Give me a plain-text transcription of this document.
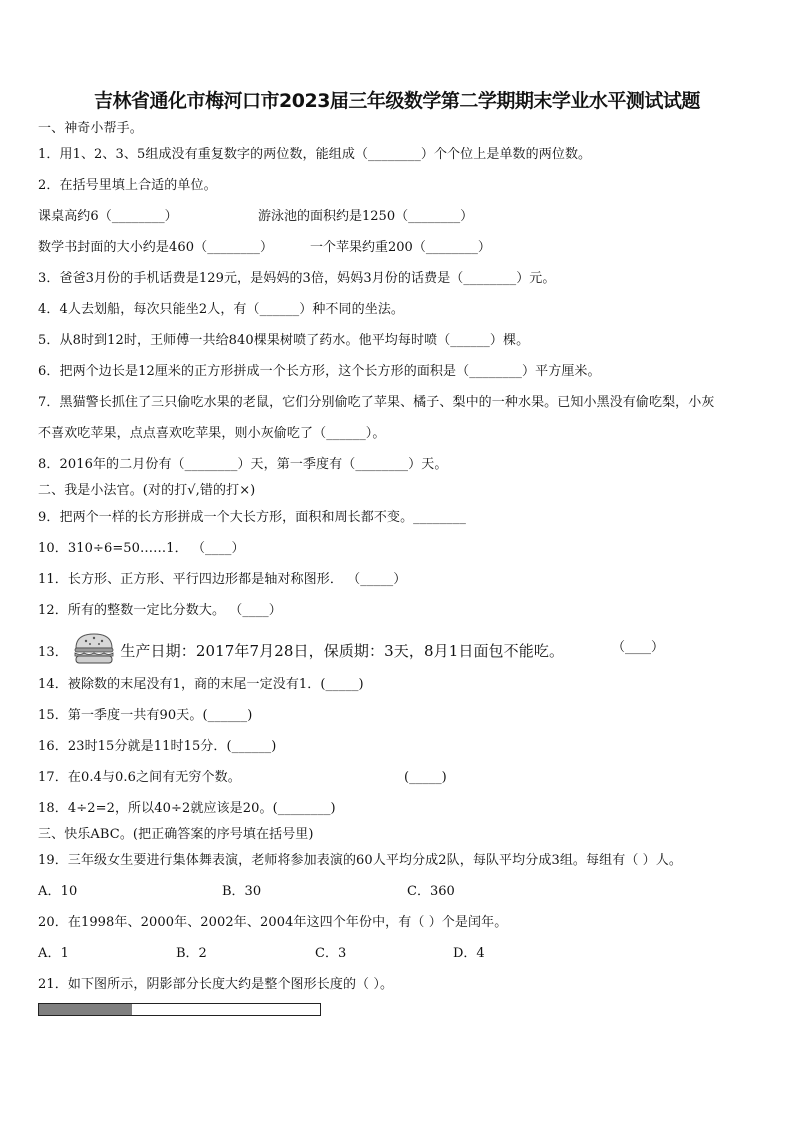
吉林省通化市梅河口市2023届三年级数学第二学期期末学业水平测试试题
一、神奇小帮手。
1．用1、2、3、5组成没有重复数字的两位数，能组成（________）个个位上是单数的两位数。
2．在括号里填上合适的单位。
课桌高约6（________）	游泳池的面积约是1250（________）
数学书封面的大小约是460（________）	一个苹果约重200（________）
3．爸爸3月份的手机话费是129元，是妈妈的3倍，妈妈3月份的话费是（________）元。
4．4人去划船，每次只能坐2人，有（______）种不同的坐法。
5．从8时到12时，王师傅一共给840棵果树喷了药水。他平均每时喷（______）棵。
6．把两个边长是12厘米的正方形拼成一个长方形，这个长方形的面积是（________）平方厘米。
7．黑猫警长抓住了三只偷吃水果的老鼠，它们分别偷吃了苹果、橘子、梨中的一种水果。已知小黑没有偷吃梨，小灰
不喜欢吃苹果，点点喜欢吃苹果，则小灰偷吃了（______）。
8．2016年的二月份有（________）天，第一季度有（________）天。
二、我是小法官。(对的打√,错的打×)
9．把两个一样的长方形拼成一个大长方形，面积和周长都不变。________
10．310÷6=50……1． （____）
11．长方形、正方形、平行四边形都是轴对称图形． （_____）
12．所有的整数一定比分数大。 （____）
13．	生产日期：2017年7月28日，保质期：3天，8月1日面包不能吃。	（____）
14．被除数的末尾没有1，商的末尾一定没有1．(_____)
15．第一季度一共有90天。(______)
16．23时15分就是11时15分．(______)
17．在0.4与0.6之间有无穷个数。	(_____)
18．4÷2=2，所以40÷2就应该是20。(________)
三、快乐ABC。(把正确答案的序号填在括号里)
19．三年级女生要进行集体舞表演，老师将参加表演的60人平均分成2队，每队平均分成3组。每组有（ ）人。
A．10	B．30	C．360
20．在1998年、2000年、2002年、2004年这四个年份中，有（ ）个是闰年。
A．1	B．2	C．3	D．4
21．如下图所示，阴影部分长度大约是整个图形长度的（ ）。
